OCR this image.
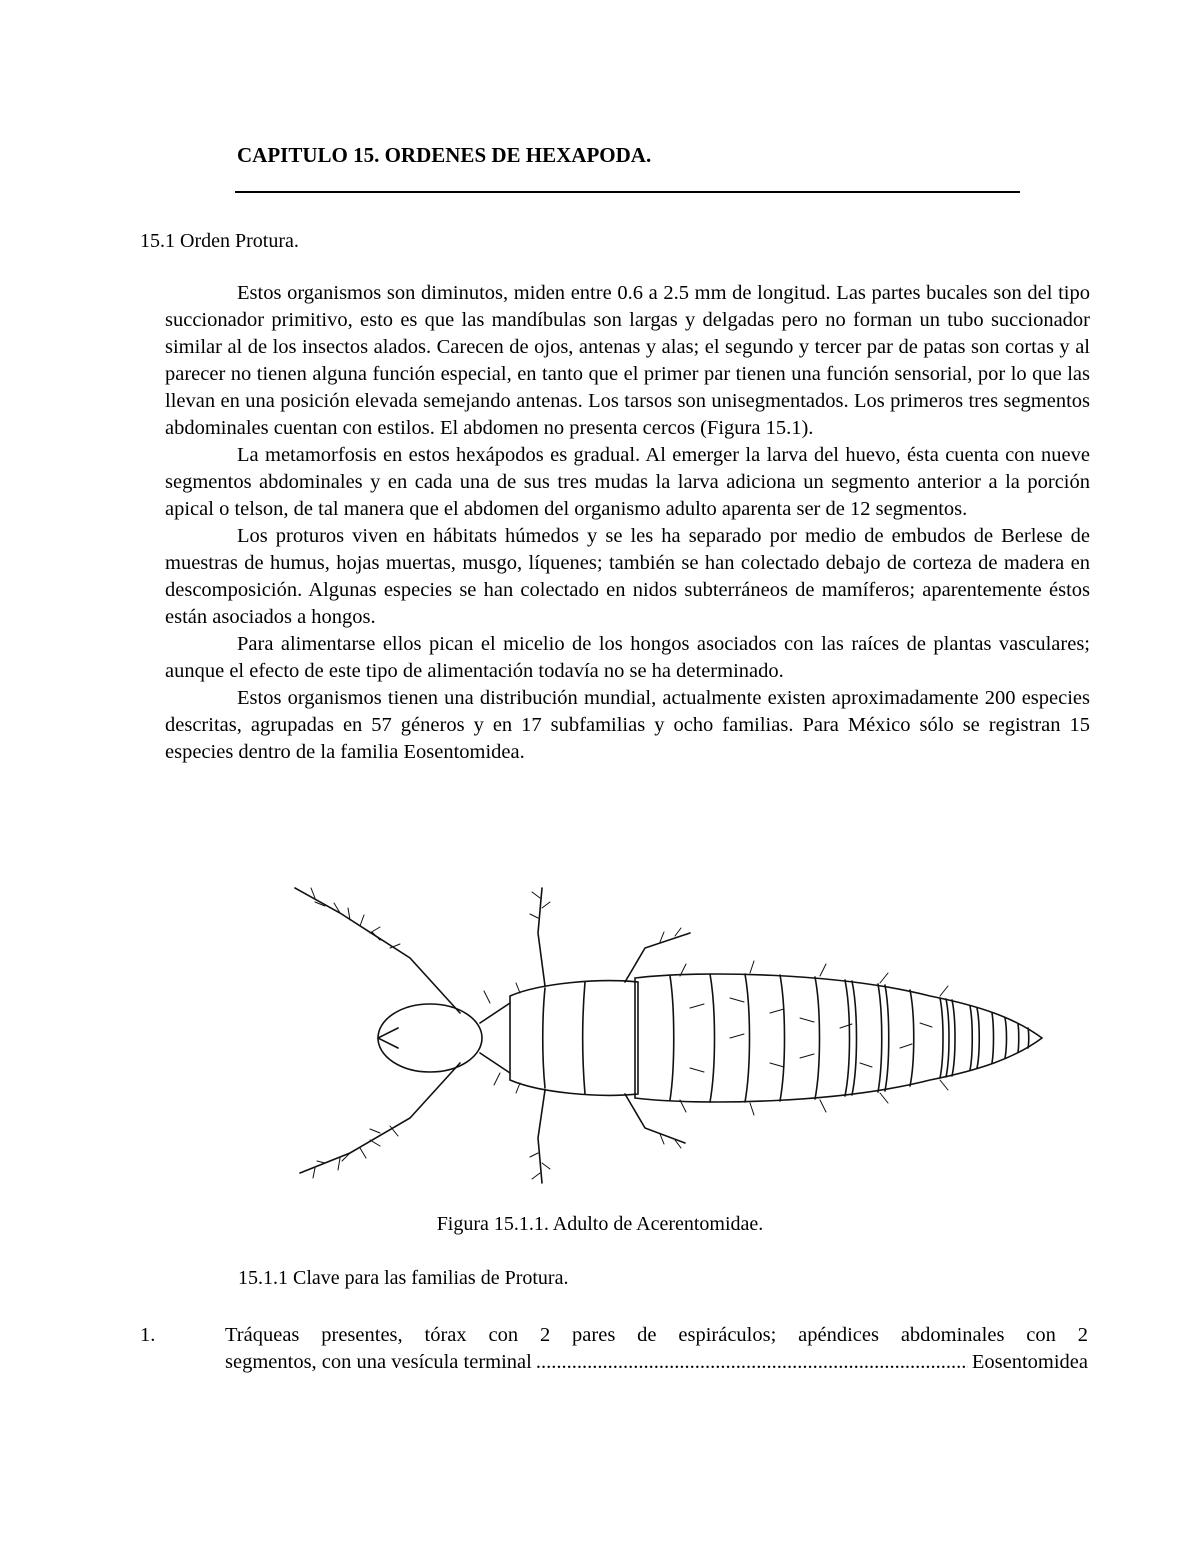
CAPITULO 15. ORDENES DE HEXAPODA.
15.1 Orden Protura.

Estos organismos son diminutos, miden entre 0.6 a 2.5 mm de longitud. Las partes bucales son del tipo succionador primitivo, esto es que las mandíbulas son largas y delgadas pero no forman un tubo succionador similar al de los insectos alados. Carecen de ojos, antenas y alas; el segundo y tercer par de patas son cortas y al parecer no tienen alguna función especial, en tanto que el primer par tienen una función sensorial, por lo que las llevan en una posición elevada semejando antenas. Los tarsos son unisegmentados. Los primeros tres segmentos abdominales cuentan con estilos. El abdomen no presenta cercos (Figura 15.1).

La metamorfosis en estos hexápodos es gradual. Al emerger la larva del huevo, ésta cuenta con nueve segmentos abdominales y en cada una de sus tres mudas la larva adiciona un segmento anterior a la porción apical o telson, de tal manera que el abdomen del organismo adulto aparenta ser de 12 segmentos.

Los proturos viven en hábitats húmedos y se les ha separado por medio de embudos de Berlese de muestras de humus, hojas muertas, musgo, líquenes; también se han colectado debajo de corteza de madera en descomposición. Algunas especies se han colectado en nidos subterráneos de mamíferos; aparentemente éstos están asociados a hongos.

Para alimentarse ellos pican el micelio de los hongos asociados con las raíces de plantas vasculares; aunque el efecto de este tipo de alimentación todavía no se ha determinado.

Estos organismos tienen una distribución mundial, actualmente existen aproximadamente 200 especies descritas, agrupadas en 57 géneros y en 17 subfamilias y ocho familias. Para México sólo se registran 15 especies dentro de la familia Eosentomidea.

Figura 15.1.1. Adulto de Acerentomidae.
15.1.1 Clave para las familias de Protura.
1.	Tráqueas presentes, tórax con 2 pares de espiráculos; apéndices abdominales con 2
segmentos, con una vesícula terminal
.....	Eosentomidea
